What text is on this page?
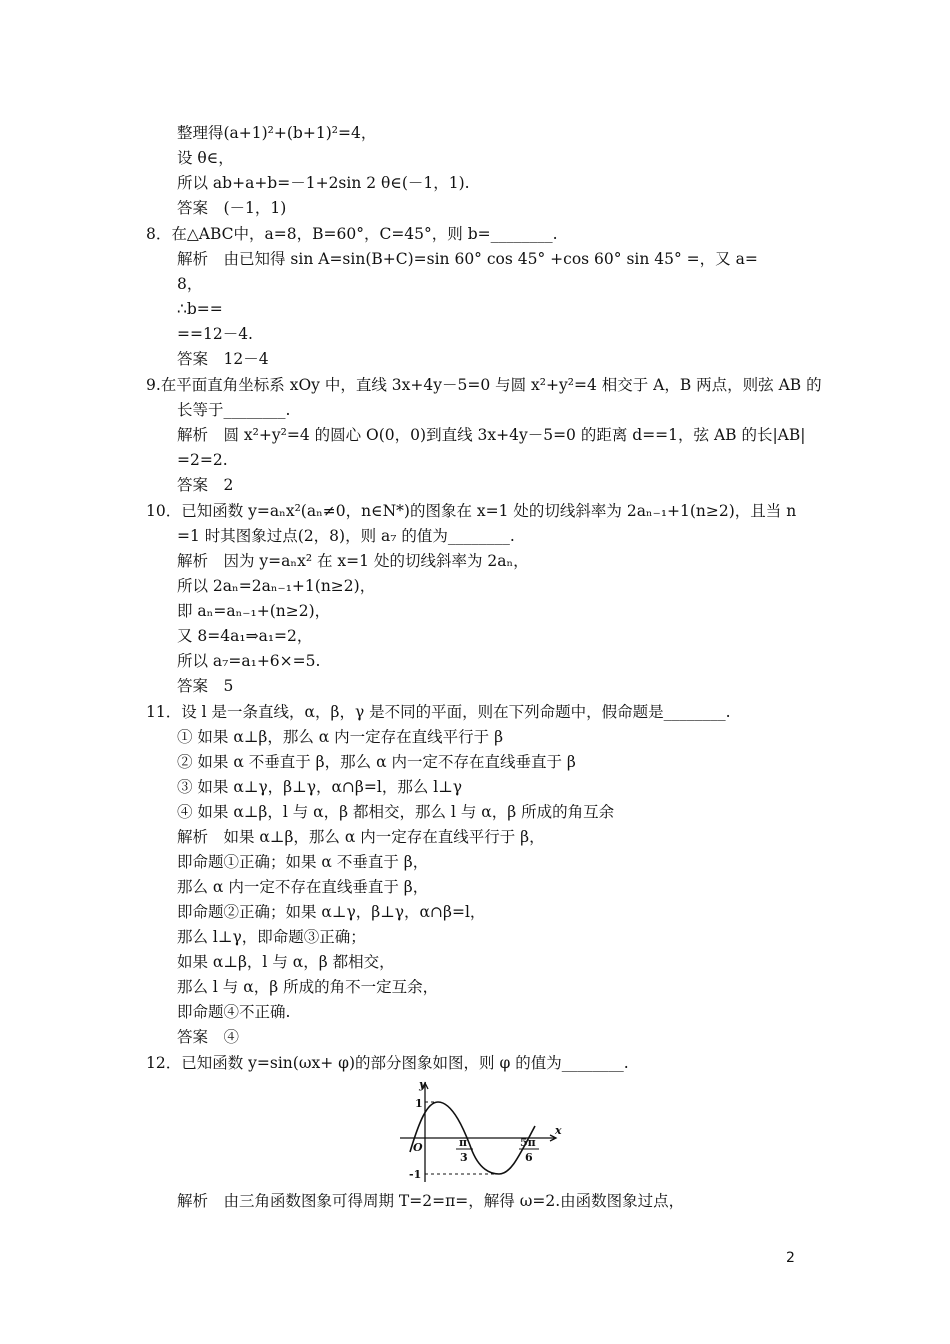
整理得(a+1)²+(b+1)²=4，
设 θ∈，
所以 ab+a+b=－1+2sin 2 θ∈(－1，1).
答案　(－1，1)
8．在△ABC中，a=8，B=60°，C=45°，则 b=________.
解析　由已知得 sin A=sin(B+C)=sin 60° cos 45° +cos 60° sin 45° =，又 a=
8，
∴b==
==12－4.
答案　12－4
9.在平面直角坐标系 xOy 中，直线 3x+4y－5=0 与圆 x²+y²=4 相交于 A，B 两点，则弦 AB 的
长等于________.
解析　圆 x²+y²=4 的圆心 O(0，0)到直线 3x+4y－5=0 的距离 d==1，弦 AB 的长|AB|
=2=2.
答案　2
10．已知函数 y=aₙx²(aₙ≠0，n∈N*)的图象在 x=1 处的切线斜率为 2aₙ₋₁+1(n≥2)，且当 n
=1 时其图象过点(2，8)，则 a₇ 的值为________.
解析　因为 y=aₙx² 在 x=1 处的切线斜率为 2aₙ，
所以 2aₙ=2aₙ₋₁+1(n≥2)，
即 aₙ=aₙ₋₁+(n≥2)，
又 8=4a₁⇒a₁=2，
所以 a₇=a₁+6×=5.
答案　5
11．设 l 是一条直线，α，β，γ 是不同的平面，则在下列命题中，假命题是________.
① 如果 α⊥β，那么 α 内一定存在直线平行于 β
② 如果 α 不垂直于 β，那么 α 内一定不存在直线垂直于 β
③ 如果 α⊥γ，β⊥γ，α∩β=l，那么 l⊥γ
④ 如果 α⊥β，l 与 α，β 都相交，那么 l 与 α，β 所成的角互余
解析　如果 α⊥β，那么 α 内一定存在直线平行于 β，
即命题①正确；如果 α 不垂直于 β，
那么 α 内一定不存在直线垂直于 β，
即命题②正确；如果 α⊥γ，β⊥γ，α∩β=l，
那么 l⊥γ，即命题③正确；
如果 α⊥β，l 与 α，β 都相交，
那么 l 与 α，β 所成的角不一定互余，
即命题④不正确.
答案　④
12．已知函数 y=sin(ωx+ φ)的部分图象如图，则 φ 的值为________.
解析　由三角函数图象可得周期 T=2=π=，解得 ω=2.由函数图象过点，
y
x
O
1
-1
π
3
5π
6
2
